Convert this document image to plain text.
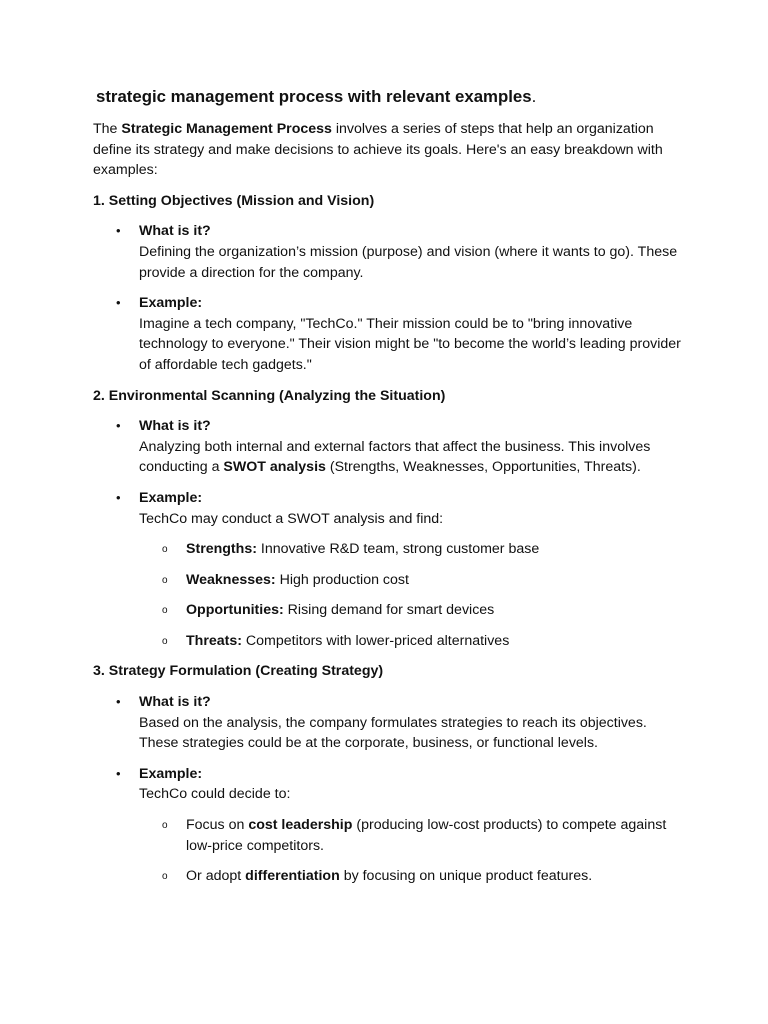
strategic management process with relevant examples.

The Strategic Management Process involves a series of steps that help an organization define its strategy and make decisions to achieve its goals. Here's an easy breakdown with examples:

1. Setting Objectives (Mission and Vision)

• What is it?
Defining the organization’s mission (purpose) and vision (where it wants to go). These provide a direction for the company.
• Example:
Imagine a tech company, "TechCo." Their mission could be to "bring innovative technology to everyone." Their vision might be "to become the world’s leading provider of affordable tech gadgets."

2. Environmental Scanning (Analyzing the Situation)

• What is it?
Analyzing both internal and external factors that affect the business. This involves conducting a SWOT analysis (Strengths, Weaknesses, Opportunities, Threats).
• Example:
TechCo may conduct a SWOT analysis and find:
o Strengths: Innovative R&D team, strong customer base
o Weaknesses: High production cost
o Opportunities: Rising demand for smart devices
o Threats: Competitors with lower-priced alternatives

3. Strategy Formulation (Creating Strategy)

• What is it?
Based on the analysis, the company formulates strategies to reach its objectives. These strategies could be at the corporate, business, or functional levels.
• Example:
TechCo could decide to:
o Focus on cost leadership (producing low-cost products) to compete against low-price competitors.
o Or adopt differentiation by focusing on unique product features.
